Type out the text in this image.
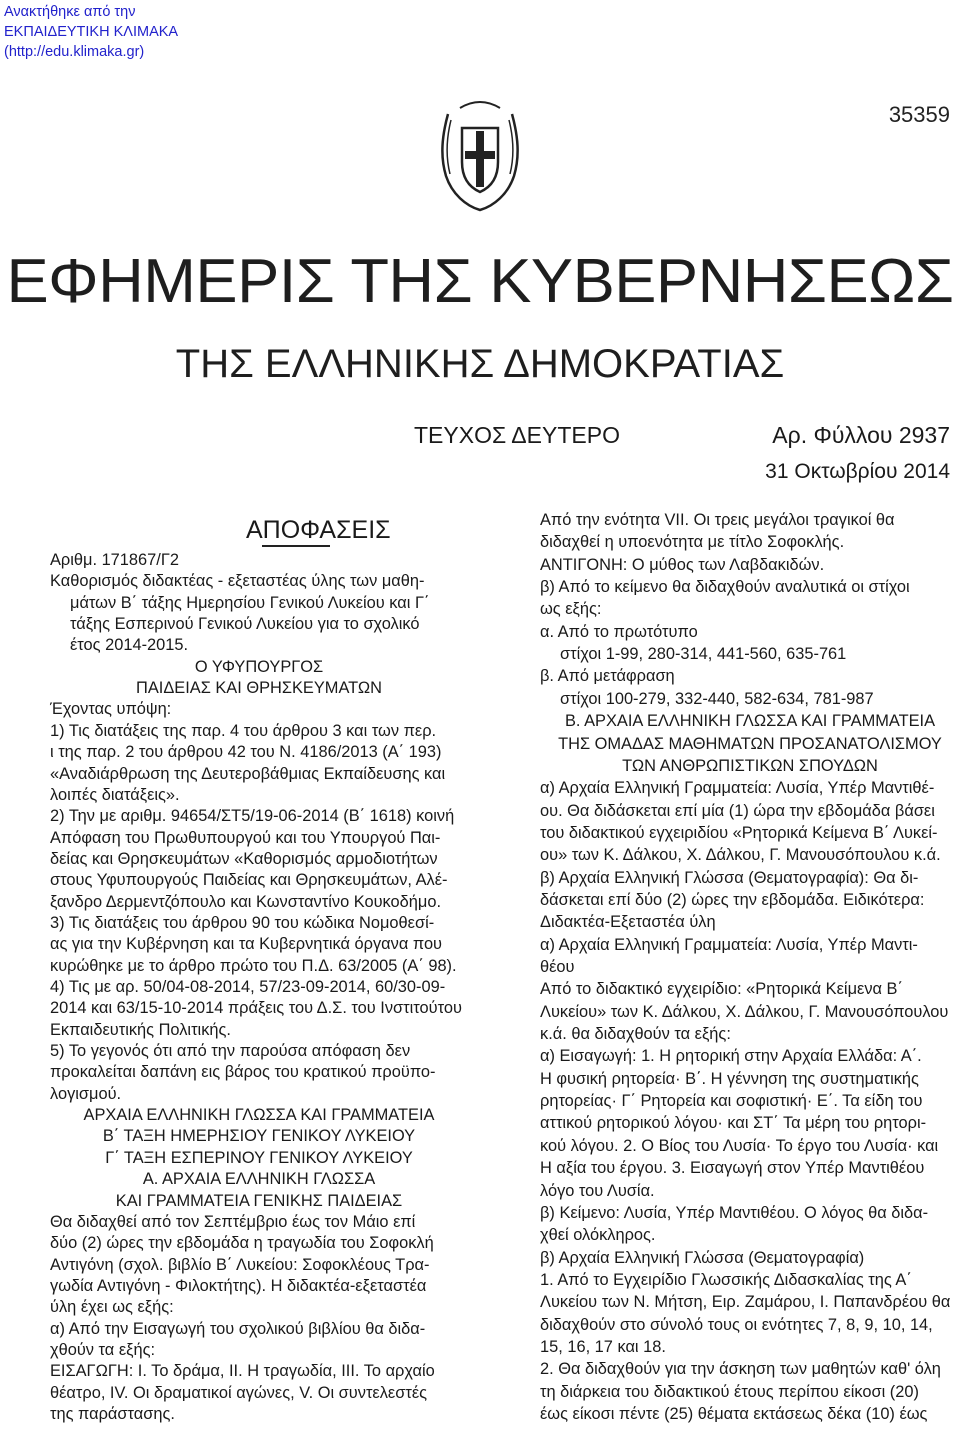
Ανακτήθηκε από την
ΕΚΠΑΙΔΕΥΤΙΚΗ ΚΛΙΜΑΚΑ
(http://edu.klimaka.gr)
35359
ΕΦΗΜΕΡΙΣ ΤΗΣ ΚΥΒΕΡΝΗΣΕΩΣ
ΤΗΣ ΕΛΛΗΝΙΚΗΣ ΔΗΜΟΚΡΑΤΙΑΣ
ΤΕΥΧΟΣ ΔΕΥΤΕΡΟ	Αρ. Φύλλου 2937
31 Οκτωβρίου 2014
ΑΠΟΦΑΣΕΙΣ
Αριθμ. 171867/Γ2
Καθορισμός διδακτέας ‑ εξεταστέας ύλης των μαθη‑
μάτων Β΄ τάξης Ημερησίου Γενικού Λυκείου και Γ΄
τάξης Εσπερινού Γενικού Λυκείου για το σχολικό
έτος 2014‑2015.
Ο ΥΦΥΠΟΥΡΓΟΣ
ΠΑΙΔΕΙΑΣ ΚΑΙ ΘΡΗΣΚΕΥΜΑΤΩΝ
Έχοντας υπόψη:
1) Τις διατάξεις της παρ. 4 του άρθρου 3 και των περ.
ι της παρ. 2 του άρθρου 42 του Ν. 4186/2013 (Α΄ 193)
«Αναδιάρθρωση της Δευτεροβάθμιας Εκπαίδευσης και
λοιπές διατάξεις».
2) Την με αριθμ. 94654/ΣΤ5/19‑06‑2014 (Β΄ 1618) κοινή
Απόφαση του Πρωθυπουργού και του Υπουργού Παι‑
δείας και Θρησκευμάτων «Καθορισμός αρμοδιοτήτων
στους Υφυπουργούς Παιδείας και Θρησκευμάτων, Αλέ‑
ξανδρο Δερμεντζόπουλο και Κωνσταντίνο Κουκοδήμο.
3) Τις διατάξεις του άρθρου 90 του κώδικα Νομοθεσί‑
ας για την Κυβέρνηση και τα Κυβερνητικά όργανα που
κυρώθηκε με το άρθρο πρώτο του Π.Δ. 63/2005 (Α΄ 98).
4) Τις με αρ. 50/04‑08‑2014, 57/23‑09‑2014, 60/30‑09‑
2014 και 63/15‑10‑2014 πράξεις του Δ.Σ. του Ινστιτούτου
Εκπαιδευτικής Πολιτικής.
5) Το γεγονός ότι από την παρούσα απόφαση δεν
προκαλείται δαπάνη εις βάρος του κρατικού προϋπο‑
λογισμού.
ΑΡΧΑΙΑ ΕΛΛΗΝΙΚΗ ΓΛΩΣΣΑ ΚΑΙ ΓΡΑΜΜΑΤΕΙΑ
Β΄ ΤΑΞΗ ΗΜΕΡΗΣΙΟΥ ΓΕΝΙΚΟΥ ΛΥΚΕΙΟΥ
Γ΄ ΤΑΞΗ ΕΣΠΕΡΙΝΟΥ ΓΕΝΙΚΟΥ ΛΥΚΕΙΟΥ
Α. ΑΡΧΑΙΑ ΕΛΛΗΝΙΚΗ ΓΛΩΣΣΑ
ΚΑΙ ΓΡΑΜΜΑΤΕΙΑ ΓΕΝΙΚΗΣ ΠΑΙΔΕΙΑΣ
Θα διδαχθεί από τον Σεπτέμβριο έως τον Μάιο επί
δύο (2) ώρες την εβδομάδα η τραγωδία του Σοφοκλή
Αντιγόνη (σχολ. βιβλίο Β΄ Λυκείου: Σοφοκλέους Τρα‑
γωδία Αντιγόνη ‑ Φιλοκτήτης). Η διδακτέα‑εξεταστέα
ύλη έχει ως εξής:
α) Από την Εισαγωγή του σχολικού βιβλίου θα διδα‑
χθούν τα εξής:
ΕΙΣΑΓΩΓΗ: Ι. Το δράμα, ΙΙ. Η τραγωδία, ΙΙΙ. Το αρχαίο
θέατρο, IV. Οι δραματικοί αγώνες, V. Οι συντελεστές
της παράστασης.
Από την ενότητα VII. Οι τρεις μεγάλοι τραγικοί θα
διδαχθεί η υποενότητα με τίτλο Σοφοκλής.
ΑΝΤΙΓΟΝΗ: Ο μύθος των Λαβδακιδών.
β) Από το κείμενο θα διδαχθούν αναλυτικά οι στίχοι
ως εξής:
α. Από το πρωτότυπο
στίχοι 1‑99, 280‑314, 441‑560, 635‑761
β. Από μετάφραση
στίχοι 100‑279, 332‑440, 582‑634, 781‑987
Β. ΑΡΧΑΙΑ ΕΛΛΗΝΙΚΗ ΓΛΩΣΣΑ ΚΑΙ ΓΡΑΜΜΑΤΕΙΑ
ΤΗΣ ΟΜΑΔΑΣ ΜΑΘΗΜΑΤΩΝ ΠΡΟΣΑΝΑΤΟΛΙΣΜΟΥ
ΤΩΝ ΑΝΘΡΩΠΙΣΤΙΚΩΝ ΣΠΟΥΔΩΝ
α) Αρχαία Ελληνική Γραμματεία: Λυσία, Υπέρ Μαντιθέ‑
ου. Θα διδάσκεται επί μία (1) ώρα την εβδομάδα βάσει
του διδακτικού εγχειριδίου «Ρητορικά Κείμενα Β΄ Λυκεί‑
ου» των Κ. Δάλκου, Χ. Δάλκου, Γ. Μανουσόπουλου κ.ά.
β) Αρχαία Ελληνική Γλώσσα (Θεματογραφία): Θα δι‑
δάσκεται επί δύο (2) ώρες την εβδομάδα. Ειδικότερα:
Διδακτέα‑Εξεταστέα ύλη
α) Αρχαία Ελληνική Γραμματεία: Λυσία, Υπέρ Μαντι‑
θέου
Από το διδακτικό εγχειρίδιο: «Ρητορικά Κείμενα Β΄
Λυκείου» των Κ. Δάλκου, Χ. Δάλκου, Γ. Μανουσόπουλου
κ.ά. θα διδαχθούν τα εξής:
α) Εισαγωγή: 1. Η ρητορική στην Αρχαία Ελλάδα: Α΄.
Η φυσική ρητορεία· Β΄. Η γέννηση της συστηματικής
ρητορείας· Γ΄ Ρητορεία και σοφιστική· Ε΄. Τα είδη του
αττικού ρητορικού λόγου· και ΣΤ΄ Τα μέρη του ρητορι‑
κού λόγου. 2. Ο Βίος του Λυσία· Το έργο του Λυσία· και
Η αξία του έργου. 3. Εισαγωγή στον Υπέρ Μαντιθέου
λόγο του Λυσία.
β) Κείμενο: Λυσία, Υπέρ Μαντιθέου. Ο λόγος θα διδα‑
χθεί ολόκληρος.
β) Αρχαία Ελληνική Γλώσσα (Θεματογραφία)
1. Από το Εγχειρίδιο Γλωσσικής Διδασκαλίας της Α΄
Λυκείου των Ν. Μήτση, Ειρ. Ζαμάρου, Ι. Παπανδρέου θα
διδαχθούν στο σύνολό τους οι ενότητες 7, 8, 9, 10, 14,
15, 16, 17 και 18.
2. Θα διδαχθούν για την άσκηση των μαθητών καθ' όλη
τη διάρκεια του διδακτικού έτους περίπου είκοσι (20)
έως είκοσι πέντε (25) θέματα εκτάσεως δέκα (10) έως
